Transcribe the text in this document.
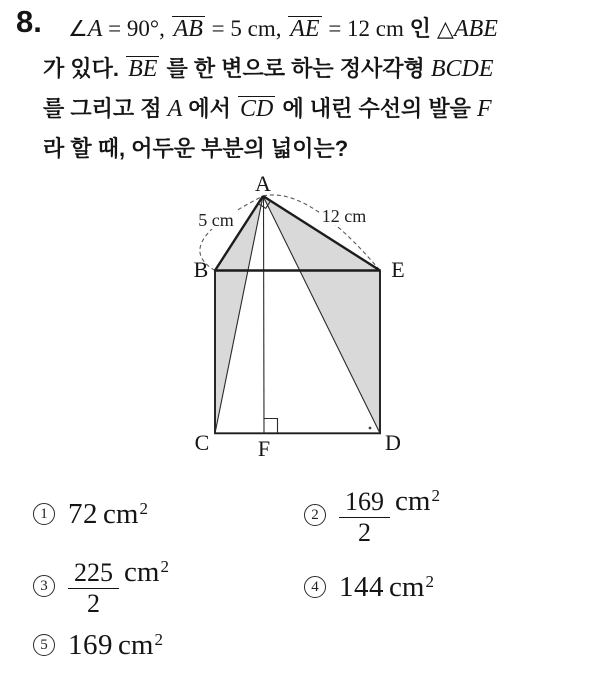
8.	∠A = 90°, AB = 5 cm, AE = 12 cm 인 △ABE
가 있다. BE 를 한 변으로 하는 정사각형 BCDE
를 그리고 점 A 에서 CD 에 내린 수선의 발을 F
라 할 때, 어두운 부분의 넓이는?
A
B	E
C	D
F
5 cm	12 cm
1 72 $cm^2$	$2 \frac{169}{2} cm^2$
$3 \frac{225}{2} cm^2$
4 144 $cm^2$
5 169 $cm^2$
